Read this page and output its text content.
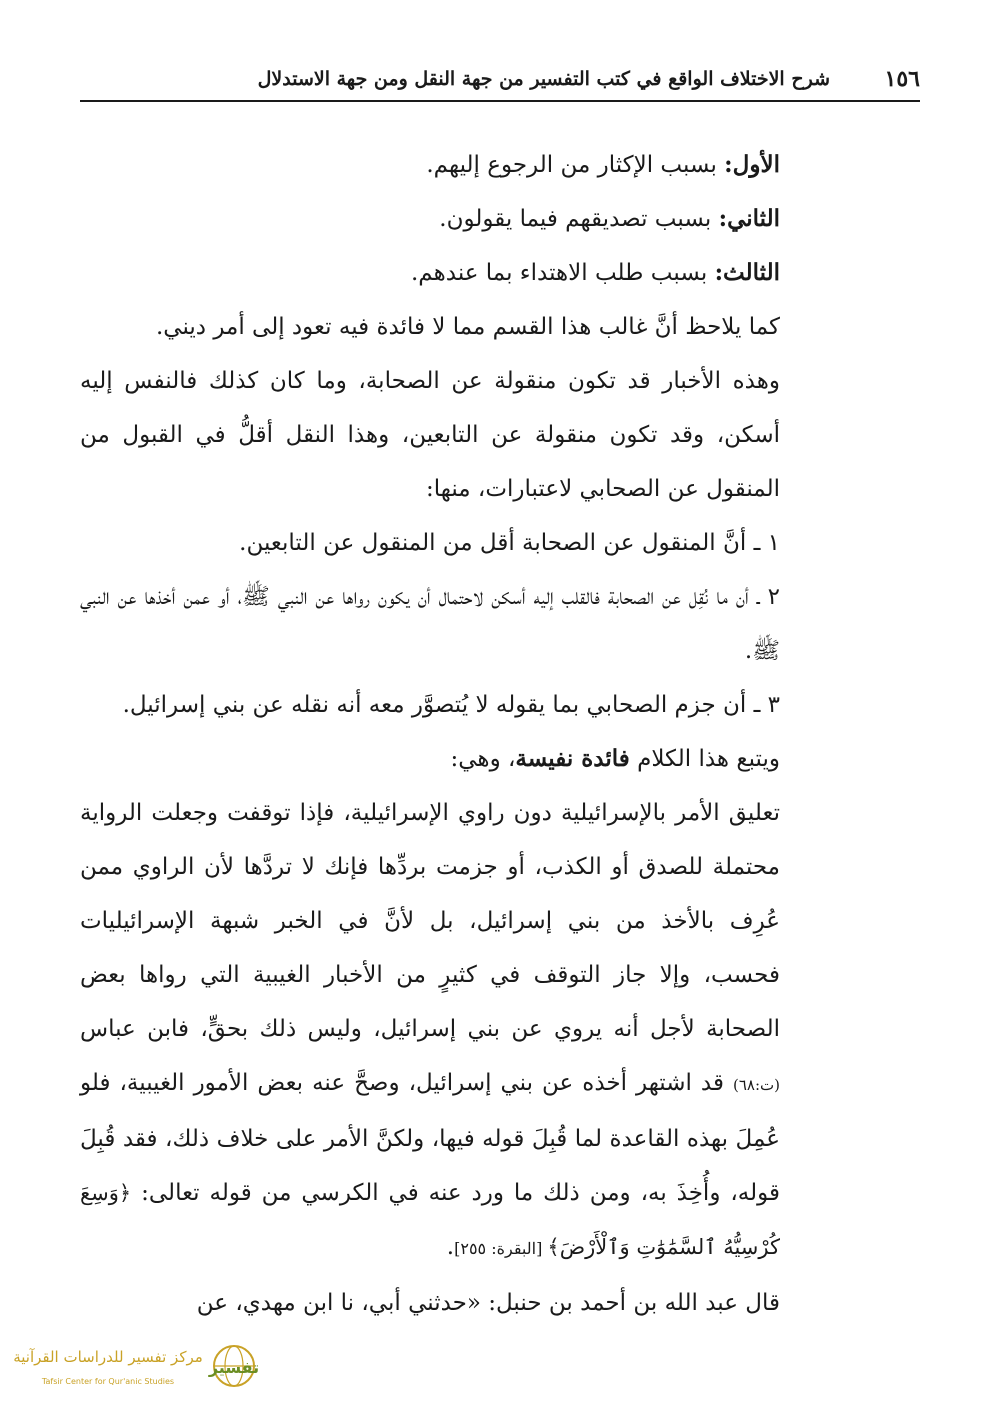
١٥٦
شرح الاختلاف الواقع في كتب التفسير من جهة النقل ومن جهة الاستدلال

الأول: بسبب الإكثار من الرجوع إليهم.

الثاني: بسبب تصديقهم فيما يقولون.

الثالث: بسبب طلب الاهتداء بما عندهم.

كما يلاحظ أنَّ غالب هذا القسم مما لا فائدة فيه تعود إلى أمر ديني.

وهذه الأخبار قد تكون منقولة عن الصحابة، وما كان كذلك فالنفس إليه أسكن، وقد تكون منقولة عن التابعين، وهذا النقل أقلُّ في القبول من المنقول عن الصحابي لاعتبارات، منها:

١ ـ أنَّ المنقول عن الصحابة أقل من المنقول عن التابعين.

٢ ـ أن ما نُقِل عن الصحابة فالقلب إليه أسكن لاحتمال أن يكون رواها عن النبي ﷺ، أو عمن أخذها عن النبي ﷺ.

٣ ـ أن جزم الصحابي بما يقوله لا يُتصوَّر معه أنه نقله عن بني إسرائيل.

ويتبع هذا الكلام فائدة نفيسة، وهي:

تعليق الأمر بالإسرائيلية دون راوي الإسرائيلية، فإذا توقفت وجعلت الرواية محتملة للصدق أو الكذب، أو جزمت بردِّها فإنك لا تردَّها لأن الراوي ممن عُرِف بالأخذ من بني إسرائيل، بل لأنَّ في الخبر شبهة الإسرائيليات فحسب، وإلا جاز التوقف في كثيرٍ من الأخبار الغيبية التي رواها بعض الصحابة لأجل أنه يروي عن بني إسرائيل، وليس ذلك بحقٍّ، فابن عباس (ت:٦٨) قد اشتهر أخذه عن بني إسرائيل، وصحَّ عنه بعض الأمور الغيبية، فلو عُمِلَ بهذه القاعدة لما قُبِلَ قوله فيها، ولكنَّ الأمر على خلاف ذلك، فقد قُبِلَ قوله، وأُخِذَ به، ومن ذلك ما ورد عنه في الكرسي من قوله تعالى: ﴿وَسِعَ كُرْسِيُّهُ ٱلسَّمَٰوَٰتِ وَٱلْأَرْضَ﴾ [البقرة: ٢٥٥].

قال عبد الله بن أحمد بن حنبل: «حدثني أبي، نا ابن مهدي، عن

تفسير
مركز تفسير للدراسات القرآنية
Tafsir Center for Qur'anic Studies
